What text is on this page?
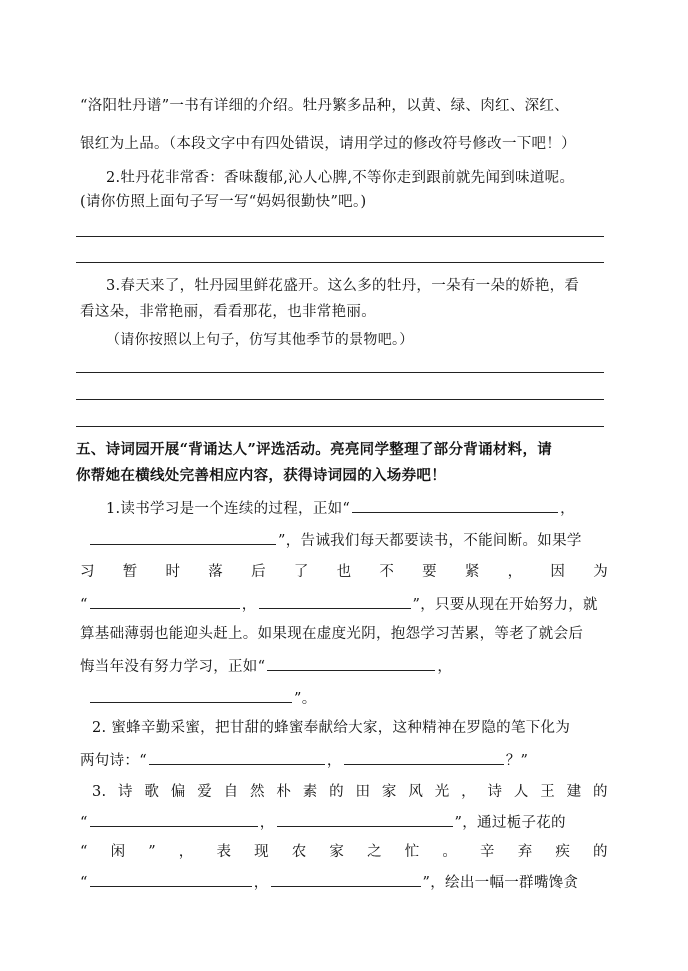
“洛阳牡丹谱”一书有详细的介绍。牡丹繁多品种，以黄、绿、肉红、深红、
银红为上品。（本段文字中有四处错误，请用学过的修改符号修改一下吧！）
2.牡丹花非常香：香味馥郁,沁人心脾,不等你走到跟前就先闻到味道呢。
(请你仿照上面句子写一写“妈妈很勤快”吧。)
3.春天来了，牡丹园里鲜花盛开。这么多的牡丹，一朵有一朵的娇艳，看
看这朵，非常艳丽，看看那花，也非常艳丽。
（请你按照以上句子，仿写其他季节的景物吧。）
五、诗词园开展“背诵达人”评选活动。亮亮同学整理了部分背诵材料，请
你帮她在横线处完善相应内容，获得诗词园的入场券吧！
1.读书学习是一个连续的过程，正如“	，
”，告诫我们每天都要读书，不能间断。如果学
习 暂 时 落 后 了 也 不 要 紧 ， 因 为
“	，	”，只要从现在开始努力，就
算基础薄弱也能迎头赶上。如果现在虚度光阴，抱怨学习苦累，等老了就会后
悔当年没有努力学习，正如“	，
”。
2. 蜜蜂辛勤采蜜，把甘甜的蜂蜜奉献给大家，这种精神在罗隐的笔下化为
两句诗：“	，	？”
3. 诗 歌 偏 爱 自 然 朴 素 的 田 家 风 光 ， 诗 人 王 建 的
“	，	”，通过栀子花的
“ 闲 ” ， 表 现 农 家 之 忙 。 辛 弃 疾 的
“	，	”，绘出一幅一群嘴馋贪
